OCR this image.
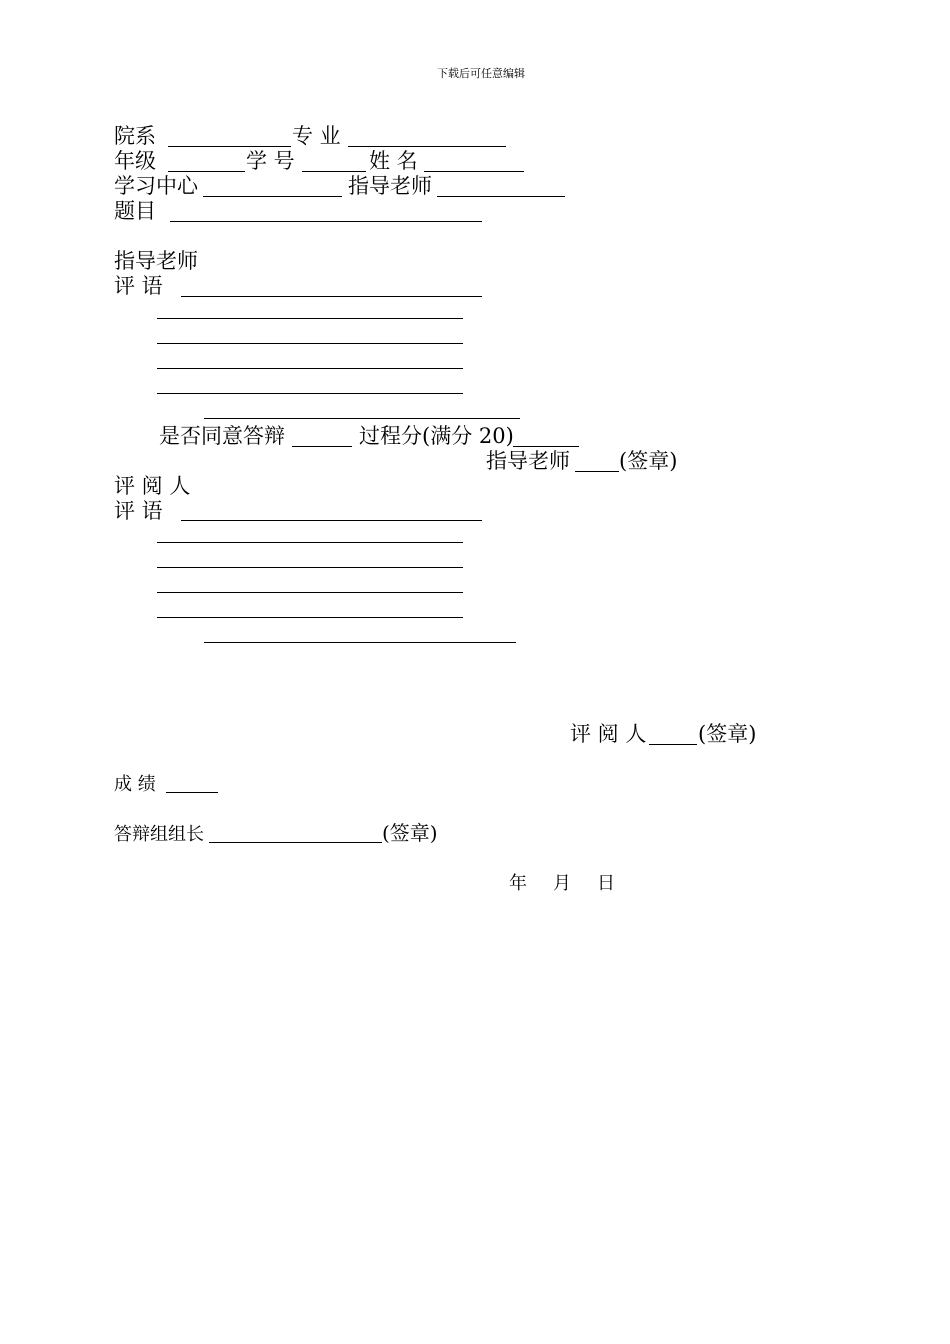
下载后可任意编辑
院系	专 业
年级	学 号	姓 名
学习中心	指导老师
题目
指导老师
评 语
是否同意答辩	过程分(满分 20)
指导老师 (签章)
评 阅 人
评 语
评 阅 人 (签章)
成 绩
答辩组组长	(签章)
年 月 日
